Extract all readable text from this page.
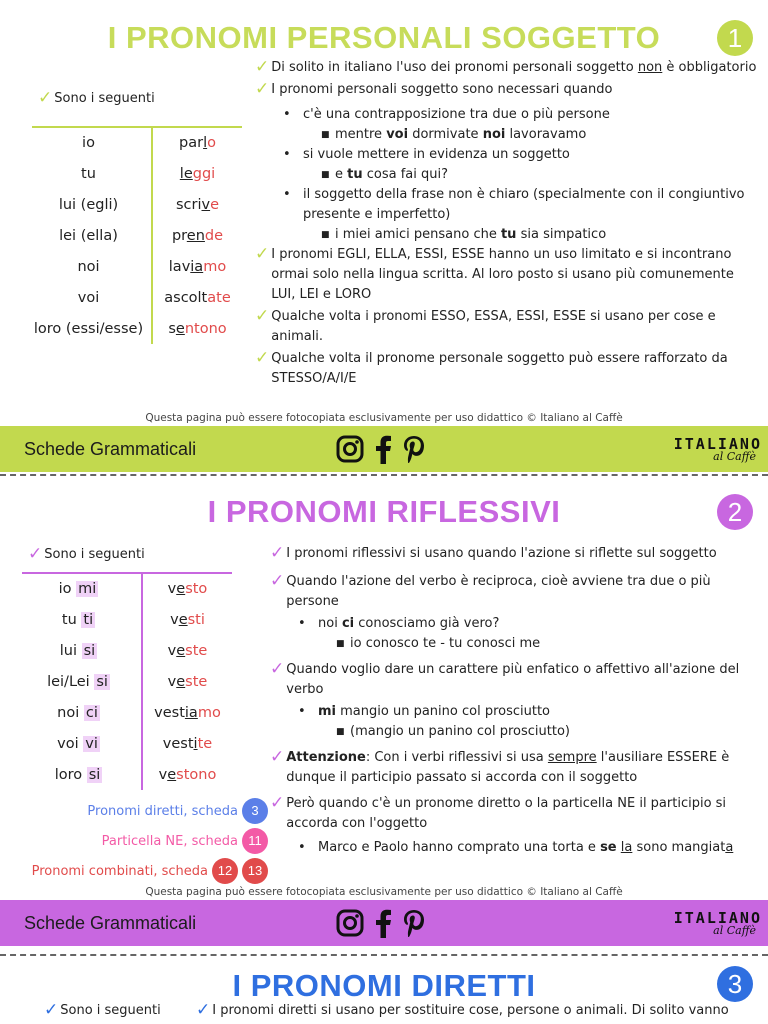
I PRONOMI PERSONALI SOGGETTO	1
✓ Sono i seguenti
io	parlo
tu	leggi
lui (egli)	scrive
lei (ella)	prende
noi	laviamo
voi	ascoltate
loro (essi/esse)	sentono
✓ Di solito in italiano l'uso dei pronomi personali soggetto non è obbligatorio
✓ I pronomi personali soggetto sono necessari quando
• c'è una contrapposizione tra due o più persone
■ mentre voi dormivate noi lavoravamo
• si vuole mettere in evidenza un soggetto
■ e tu cosa fai qui?
• il soggetto della frase non è chiaro (specialmente con il congiuntivo presente e imperfetto)
■ i miei amici pensano che tu sia simpatico
✓ I pronomi EGLI, ELLA, ESSI, ESSE hanno un uso limitato e si incontrano ormai solo nella lingua scritta. Al loro posto si usano più comunemente LUI, LEI e LORO
✓ Qualche volta i pronomi ESSO, ESSA, ESSI, ESSE si usano per cose e animali.
✓ Qualche volta il pronome personale soggetto può essere rafforzato da STESSO/A/I/E
Questa pagina può essere fotocopiata esclusivamente per uso didattico © Italiano al Caffè
Schede Grammaticali	ITALIANO
al Caffè
I PRONOMI RIFLESSIVI	2
✓ Sono i seguenti
io mi	vesto
tu ti	vesti
lui si	veste
lei/Lei si	veste
noi ci	vestiamo
voi vi	vestite
loro si	vestono
Pronomi diretti, scheda	3
Particella NE, scheda 11
Pronomi combinati, scheda 12	13
✓ I pronomi riflessivi si usano quando l'azione si riflette sul soggetto
✓ Quando l'azione del verbo è reciproca, cioè avviene tra due o più persone
• noi ci conosciamo già vero?
■ io conosco te - tu conosci me
✓ Quando voglio dare un carattere più enfatico o affettivo all'azione del verbo
• mi mangio un panino col prosciutto
■ (mangio un panino col prosciutto)
✓ Attenzione: Con i verbi riflessivi si usa sempre l'ausiliare ESSERE è dunque il participio passato si accorda con il soggetto
✓ Però quando c'è un pronome diretto o la particella NE il participio si accorda con l'oggetto
• Marco e Paolo hanno comprato una torta e se la sono mangiata
Questa pagina può essere fotocopiata esclusivamente per uso didattico © Italiano al Caffè
Schede Grammaticali	ITALIANO
al Caffè
I PRONOMI DIRETTI	3
✓ Sono i seguenti ✓ I pronomi diretti si usano per sostituire cose, persone o animali. Di solito vanno
